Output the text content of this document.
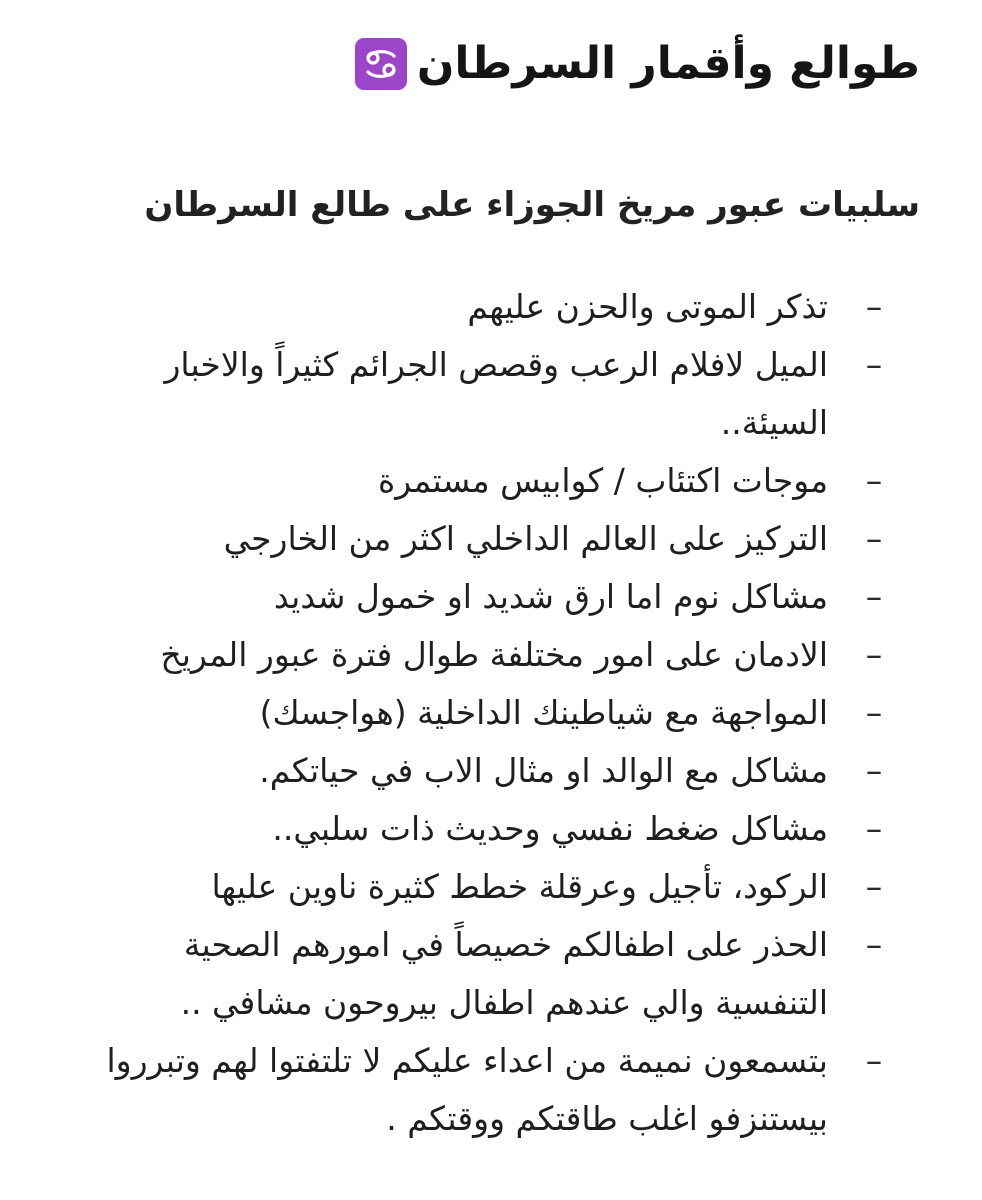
طوالع وأقمار السرطان
سلبيات عبور مريخ الجوزاء على طالع السرطان
–
تذكر الموتى والحزن عليهم
–
الميل لافلام الرعب وقصص الجرائم كثيراً والاخبار السيئة..
–
موجات اكتئاب / كوابيس مستمرة
–
التركيز على العالم الداخلي اكثر من الخارجي
–
مشاكل نوم اما ارق شديد او خمول شديد
–
الادمان على امور مختلفة طوال فترة عبور المريخ
–
المواجهة مع شياطينك الداخلية (هواجسك)
–
مشاكل مع الوالد او مثال الاب في حياتكم.
–
مشاكل ضغط نفسي وحديث ذات سلبي..
–
الركود، تأجيل وعرقلة خطط كثيرة ناوين عليها
–
الحذر على اطفالكم خصيصاً في امورهم الصحية التنفسية والي عندهم اطفال بيروحون مشافي ..
–
بتسمعون نميمة من اعداء عليكم لا تلتفتوا لهم وتبرروا بيستنزفو اغلب طاقتكم ووقتكم .
